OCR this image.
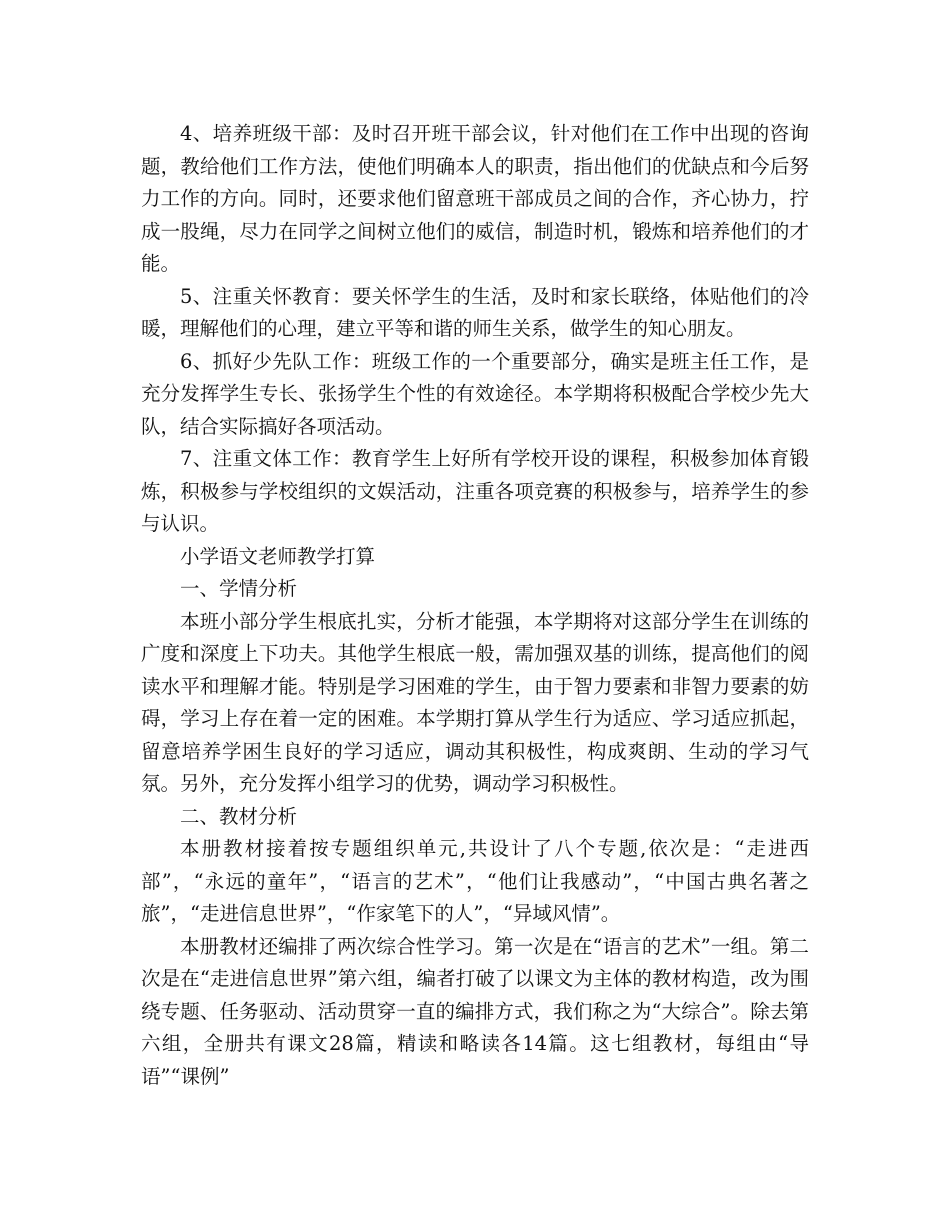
4、培养班级干部：及时召开班干部会议，针对他们在工作中出现的咨询题，教给他们工作方法，使他们明确本人的职责，指出他们的优缺点和今后努力工作的方向。同时，还要求他们留意班干部成员之间的合作，齐心协力，拧成一股绳，尽力在同学之间树立他们的威信，制造时机，锻炼和培养他们的才能。

5、注重关怀教育：要关怀学生的生活，及时和家长联络，体贴他们的冷暖，理解他们的心理，建立平等和谐的师生关系，做学生的知心朋友。

6、抓好少先队工作：班级工作的一个重要部分，确实是班主任工作，是充分发挥学生专长、张扬学生个性的有效途径。本学期将积极配合学校少先大队，结合实际搞好各项活动。

7、注重文体工作：教育学生上好所有学校开设的课程，积极参加体育锻炼，积极参与学校组织的文娱活动，注重各项竞赛的积极参与，培养学生的参与认识。

小学语文老师教学打算

一、学情分析

本班小部分学生根底扎实，分析才能强，本学期将对这部分学生在训练的广度和深度上下功夫。其他学生根底一般，需加强双基的训练，提高他们的阅读水平和理解才能。特别是学习困难的学生，由于智力要素和非智力要素的妨碍，学习上存在着一定的困难。本学期打算从学生行为适应、学习适应抓起，留意培养学困生良好的学习适应，调动其积极性，构成爽朗、生动的学习气氛。另外，充分发挥小组学习的优势，调动学习积极性。

二、教材分析

本册教材接着按专题组织单元,共设计了八个专题,依次是：“走进西部”，“永远的童年”，“语言的艺术”，“他们让我感动”，“中国古典名著之旅”，“走进信息世界”，“作家笔下的人”，“异域风情”。

本册教材还编排了两次综合性学习。第一次是在“语言的艺术”一组。第二次是在“走进信息世界”第六组，编者打破了以课文为主体的教材构造，改为围绕专题、任务驱动、活动贯穿一直的编排方式，我们称之为“大综合”。除去第六组，全册共有课文28篇，精读和略读各14篇。这七组教材，每组由“导语”“课例”
